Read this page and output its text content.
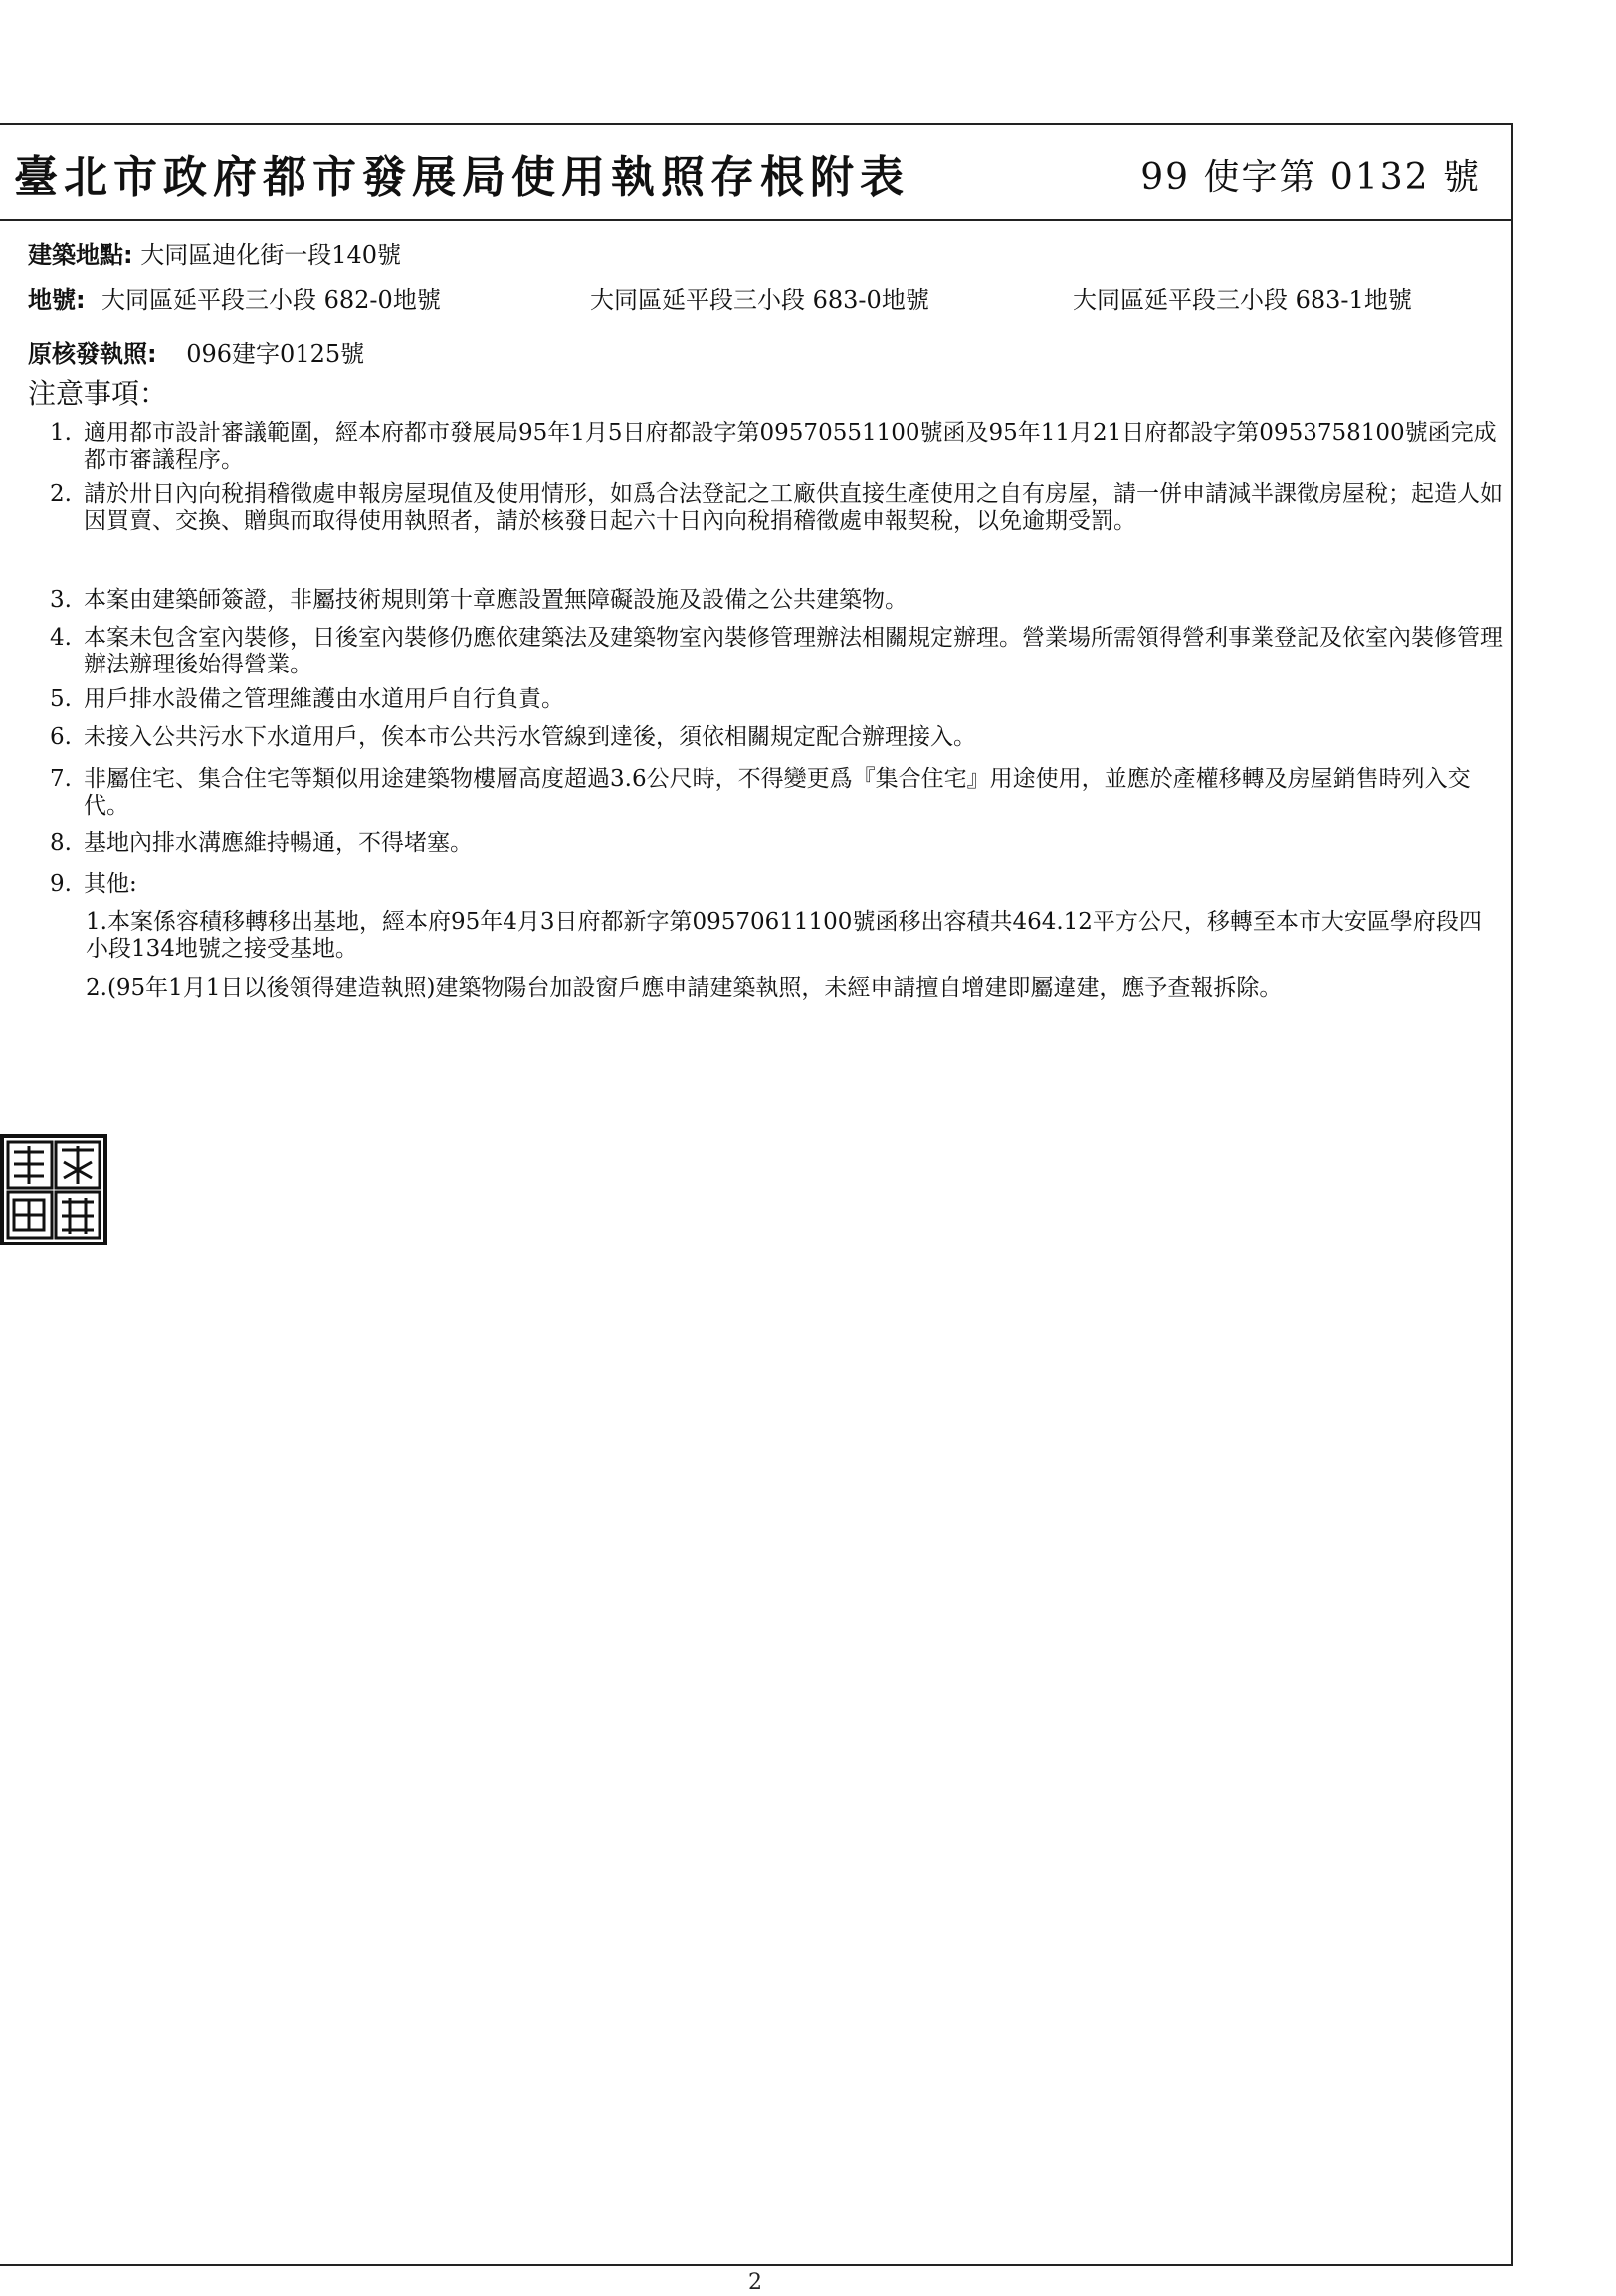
臺北市政府都市發展局使用執照存根附表	99 使字第 0132 號
建築地點: 大同區迪化街一段140號
地號: 大同區延平段三小段 682-0地號	大同區延平段三小段 683-0地號	大同區延平段三小段 683-1地號
原核發執照: 096建字0125號
注意事項：
1. 適用都市設計審議範圍，經本府都市發展局95年1月5日府都設字第09570551100號函及95年11月21日府都設字第0953758100號函完成都市審議程序。
2. 請於卅日內向稅捐稽徵處申報房屋現值及使用情形，如爲合法登記之工廠供直接生產使用之自有房屋，請一併申請減半課徵房屋稅；起造人如因買賣、交換、贈與而取得使用執照者，請於核發日起六十日內向稅捐稽徵處申報契稅，以免逾期受罰。
3. 本案由建築師簽證，非屬技術規則第十章應設置無障礙設施及設備之公共建築物。
4. 本案未包含室內裝修，日後室內裝修仍應依建築法及建築物室內裝修管理辦法相關規定辦理。營業場所需領得營利事業登記及依室內裝修管理辦法辦理後始得營業。
5. 用戶排水設備之管理維護由水道用戶自行負責。
6. 未接入公共污水下水道用戶，俟本市公共污水管線到達後，須依相關規定配合辦理接入。
7. 非屬住宅、集合住宅等類似用途建築物樓層高度超過3.6公尺時，不得變更爲『集合住宅』用途使用，並應於產權移轉及房屋銷售時列入交代。
8. 基地內排水溝應維持暢通，不得堵塞。
9. 其他:
1.本案係容積移轉移出基地，經本府95年4月3日府都新字第09570611100號函移出容積共464.12平方公尺，移轉至本市大安區學府段四小段134地號之接受基地。
2.(95年1月1日以後領得建造執照)建築物陽台加設窗戶應申請建築執照，未經申請擅自增建即屬違建，應予查報拆除。
2
